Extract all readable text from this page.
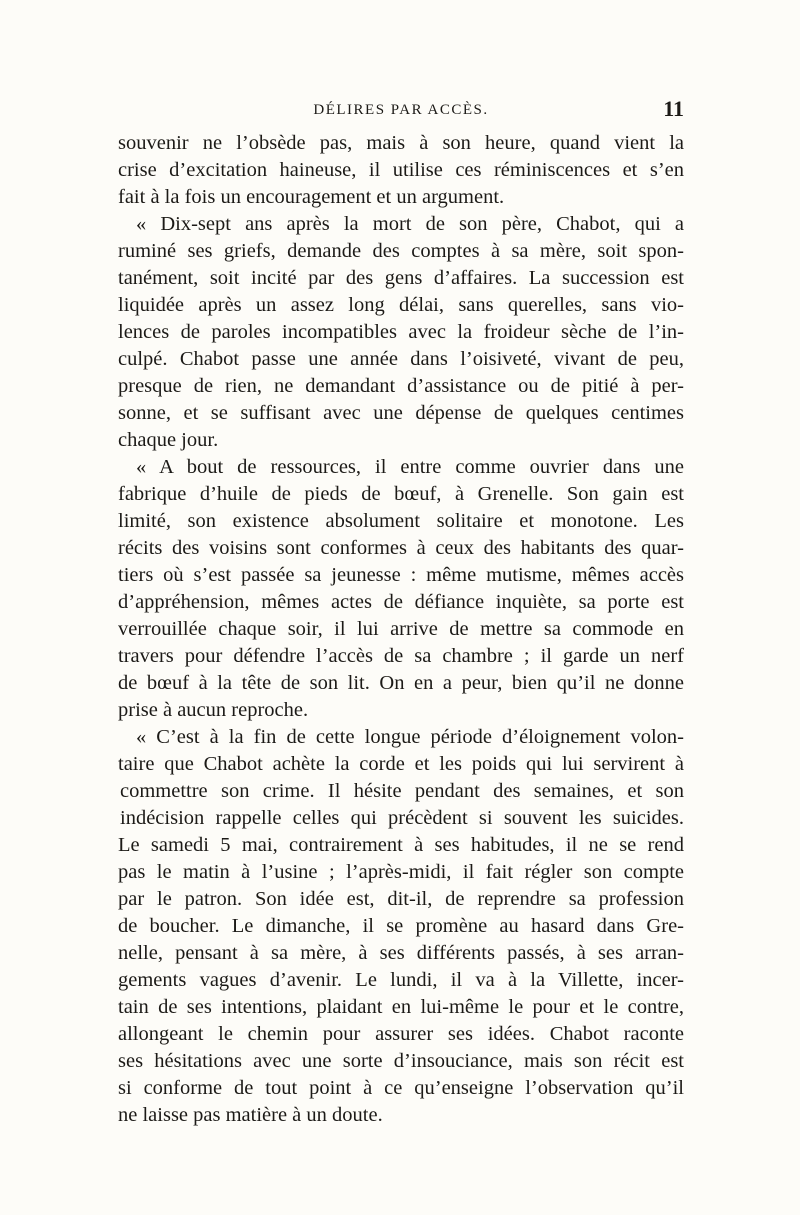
DÉLIRES PAR ACCÈS.	11
souvenir ne l’obsède pas, mais à son heure, quand vient la
crise d’excitation haineuse, il utilise ces réminiscences et s’en
fait à la fois un encouragement et un argument.
« Dix-sept ans après la mort de son père, Chabot, qui a
ruminé ses griefs, demande des comptes à sa mère, soit spon-
tanément, soit incité par des gens d’affaires. La succession est
liquidée après un assez long délai, sans querelles, sans vio-
lences de paroles incompatibles avec la froideur sèche de l’in-
culpé. Chabot passe une année dans l’oisiveté, vivant de peu,
presque de rien, ne demandant d’assistance ou de pitié à per-
sonne, et se suffisant avec une dépense de quelques centimes
chaque jour.
« A bout de ressources, il entre comme ouvrier dans une
fabrique d’huile de pieds de bœuf, à Grenelle. Son gain est
limité, son existence absolument solitaire et monotone. Les
récits des voisins sont conformes à ceux des habitants des quar-
tiers où s’est passée sa jeunesse : même mutisme, mêmes accès
d’appréhension, mêmes actes de défiance inquiète, sa porte est
verrouillée chaque soir, il lui arrive de mettre sa commode en
travers pour défendre l’accès de sa chambre ; il garde un nerf
de bœuf à la tête de son lit. On en a peur, bien qu’il ne donne
prise à aucun reproche.
« C’est à la fin de cette longue période d’éloignement volon-
taire que Chabot achète la corde et les poids qui lui servirent à
commettre son crime. Il hésite pendant des semaines, et son
indécision rappelle celles qui précèdent si souvent les suicides.
Le samedi 5 mai, contrairement à ses habitudes, il ne se rend
pas le matin à l’usine ; l’après-midi, il fait régler son compte
par le patron. Son idée est, dit-il, de reprendre sa profession
de boucher. Le dimanche, il se promène au hasard dans Gre-
nelle, pensant à sa mère, à ses différents passés, à ses arran-
gements vagues d’avenir. Le lundi, il va à la Villette, incer-
tain de ses intentions, plaidant en lui-même le pour et le contre,
allongeant le chemin pour assurer ses idées. Chabot raconte
ses hésitations avec une sorte d’insouciance, mais son récit est
si conforme de tout point à ce qu’enseigne l’observation qu’il
ne laisse pas matière à un doute.
